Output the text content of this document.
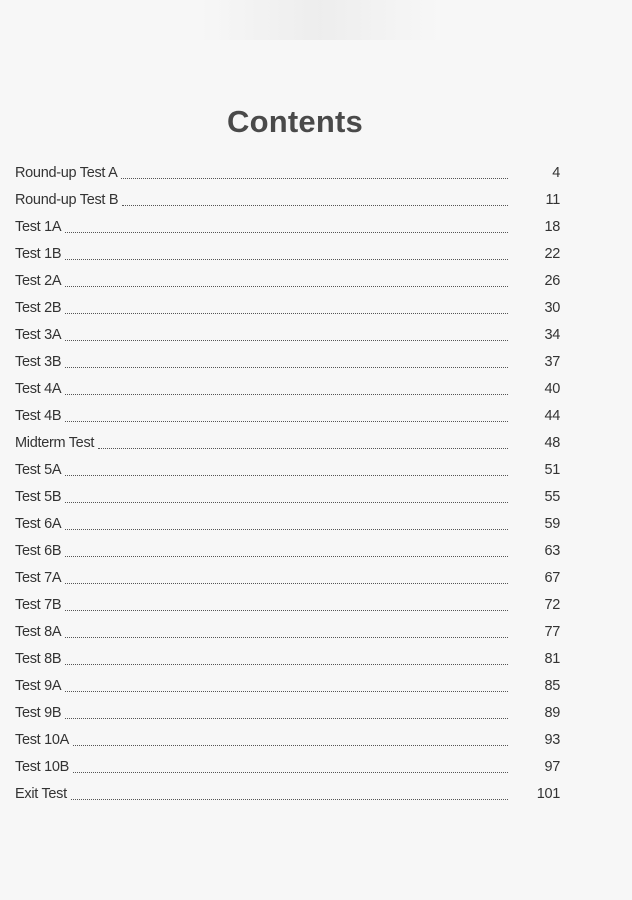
Contents
Round-up Test A	4
Round-up Test B	11
Test 1A	18
Test 1B	22
Test 2A	26
Test 2B	30
Test 3A	34
Test 3B	37
Test 4A	40
Test 4B	44
Midterm Test	48
Test 5A	51
Test 5B	55
Test 6A	59
Test 6B	63
Test 7A	67
Test 7B	72
Test 8A	77
Test 8B	81
Test 9A	85
Test 9B	89
Test 10A	93
Test 10B	97
Exit Test	101
